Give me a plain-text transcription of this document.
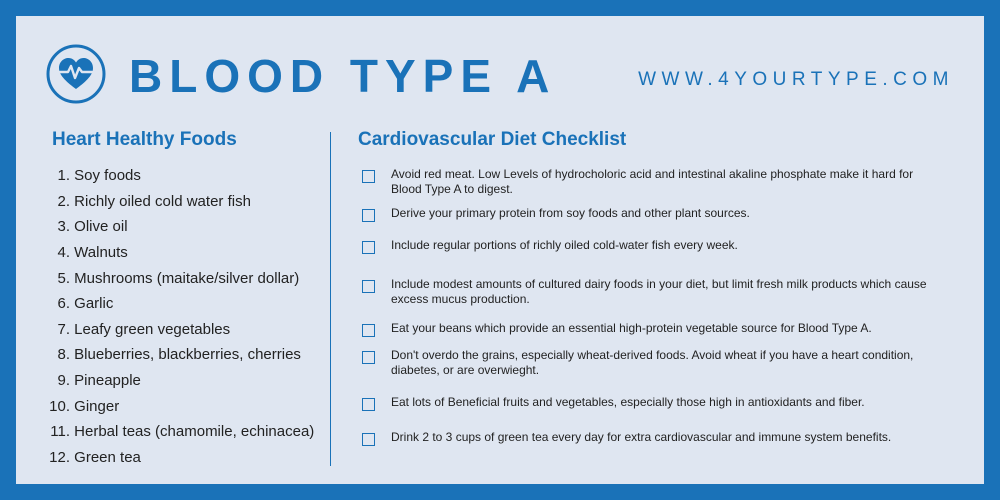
BLOOD TYPE A	WWW.4YOURTYPE.COM
Heart Healthy Foods
1.
Soy foods
2.
Richly oiled cold water fish
3.
Olive oil
4.
Walnuts
5.
Mushrooms (maitake/silver dollar)
6.
Garlic
7.
Leafy green vegetables
8.
Blueberries, blackberries, cherries
9.
Pineapple
10.
Ginger
11.
Herbal teas (chamomile, echinacea)
12.
Green tea
Cardiovascular Diet Checklist
Avoid red meat. Low Levels of hydrocholoric acid and intestinal akaline phosphate make it hard for Blood Type A to digest.
Derive your primary protein from soy foods and other plant sources.
Include regular portions of richly oiled cold-water fish every week.
Include modest amounts of cultured dairy foods in your diet, but limit fresh milk products which cause excess mucus production.
Eat your beans which provide an essential high-protein vegetable source for Blood Type A.
Don't overdo the grains, especially wheat-derived foods. Avoid wheat if you have a heart condition, diabetes, or are overwieght.
Eat lots of Beneficial fruits and vegetables, especially those high in antioxidants and fiber.
Drink 2 to 3 cups of green tea every day for extra cardiovascular and immune system benefits.
